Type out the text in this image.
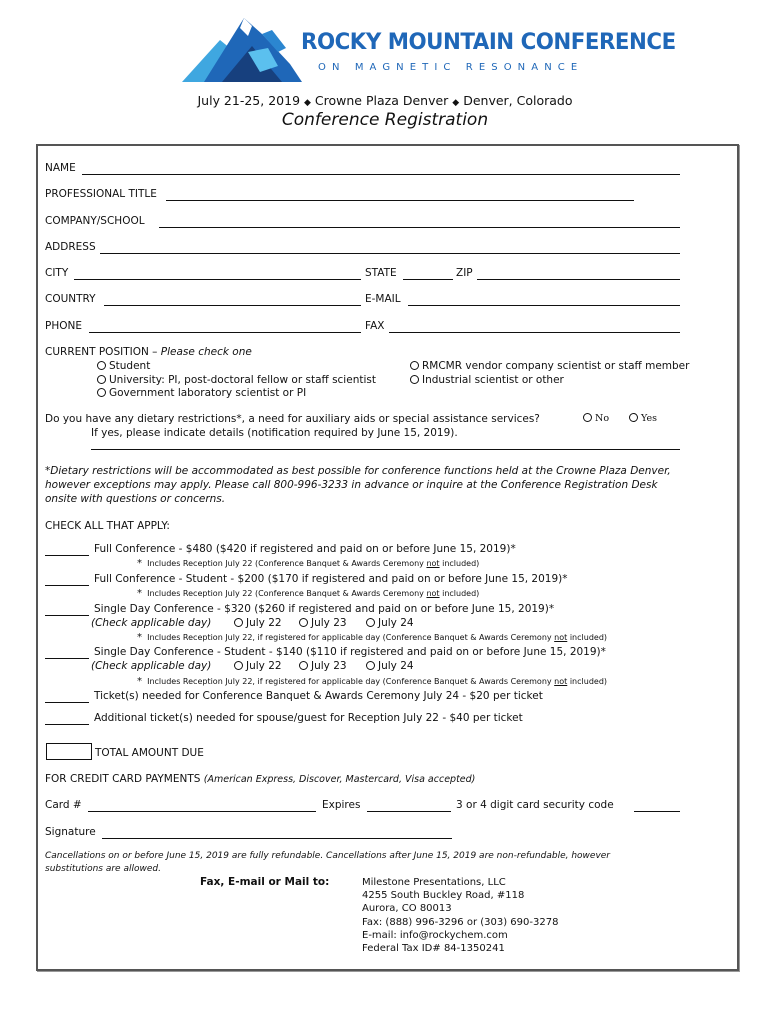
ROCKY MOUNTAIN CONFERENCE
ON MAGNETIC RESONANCE
July 21-25, 2019 ◆ Crowne Plaza Denver ◆ Denver, Colorado
Conference Registration
NAME
PROFESSIONAL TITLE
COMPANY/SCHOOL
ADDRESS
CITY	STATE	ZIP
COUNTRY	E-MAIL
PHONE	FAX
CURRENT POSITION – Please check one
Student	RMCMR vendor company scientist or staff member
University: PI, post-doctoral fellow or staff scientist	Industrial scientist or other
Government laboratory scientist or PI
Do you have any dietary restrictions*, a need for auxiliary aids or special assistance services?	No	Yes
If yes, please indicate details (notification required by June 15, 2019).
*Dietary restrictions will be accommodated as best possible for conference functions held at the Crowne Plaza Denver,
however exceptions may apply. Please call 800-996-3233 in advance or inquire at the Conference Registration Desk
onsite with questions or concerns.
CHECK ALL THAT APPLY:
Full Conference - $480 ($420 if registered and paid on or before June 15, 2019)*
* Includes Reception July 22 (Conference Banquet & Awards Ceremony not included)
Full Conference - Student - $200 ($170 if registered and paid on or before June 15, 2019)*
* Includes Reception July 22 (Conference Banquet & Awards Ceremony not included)
Single Day Conference - $320 ($260 if registered and paid on or before June 15, 2019)*
(Check applicable day)	July 22	July 23	July 24
* Includes Reception July 22, if registered for applicable day (Conference Banquet & Awards Ceremony not included)
Single Day Conference - Student - $140 ($110 if registered and paid on or before June 15, 2019)*
(Check applicable day)	July 22	July 23	July 24
* Includes Reception July 22, if registered for applicable day (Conference Banquet & Awards Ceremony not included)
Ticket(s) needed for Conference Banquet & Awards Ceremony July 24 - $20 per ticket
Additional ticket(s) needed for spouse/guest for Reception July 22 - $40 per ticket
TOTAL AMOUNT DUE
FOR CREDIT CARD PAYMENTS (American Express, Discover, Mastercard, Visa accepted)
Card #	Expires	3 or 4 digit card security code
Signature
Cancellations on or before June 15, 2019 are fully refundable. Cancellations after June 15, 2019 are non-refundable, however
substitutions are allowed.
Fax, E-mail or Mail to:	Milestone Presentations, LLC
4255 South Buckley Road, #118
Aurora, CO 80013
Fax: (888) 996-3296 or (303) 690-3278
E-mail: info@rockychem.com
Federal Tax ID# 84-1350241
